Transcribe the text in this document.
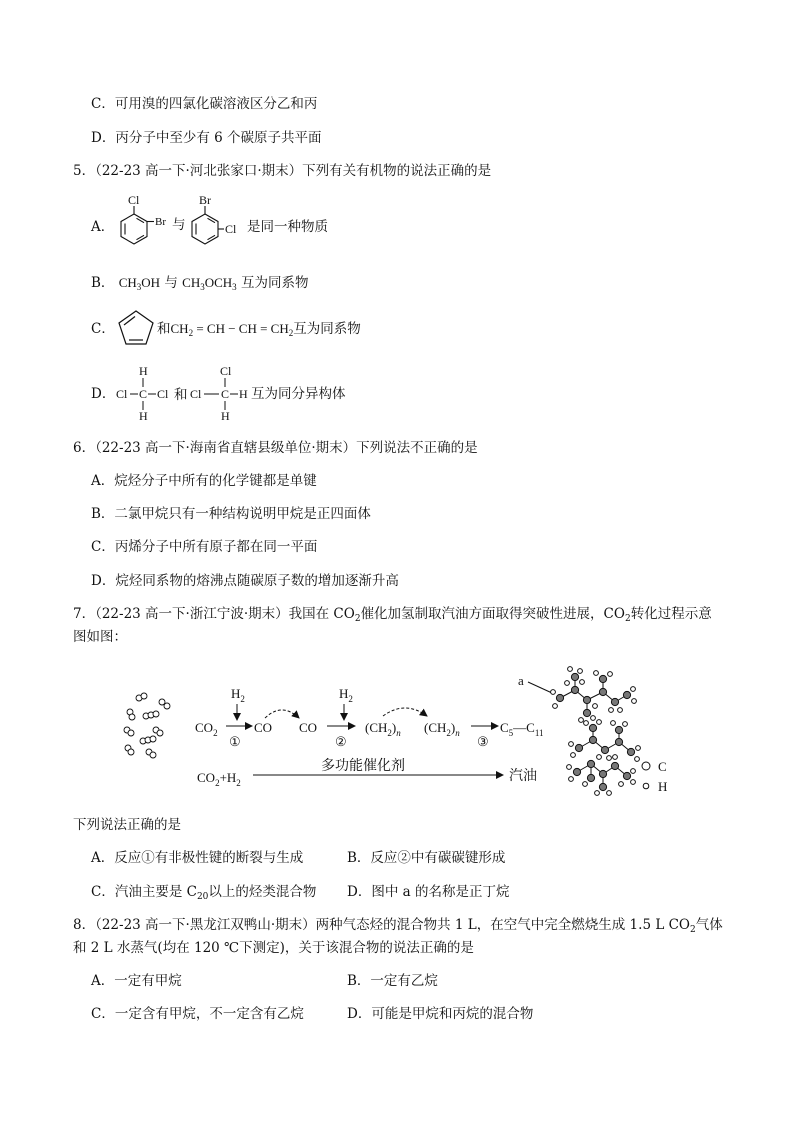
C．可用溴的四氯化碳溶液区分乙和丙
D．丙分子中至少有 6 个碳原子共平面
5．（22-23 高一下·河北张家口·期末）下列有关有机物的说法正确的是
A．
Cl
Br 与
Br
Cl 是同一种物质
B． $CH_3OH$ 与 $CH_3OCH_3$ 互为同系物
C．	和$CH_2$ = CH − CH = $CH_2$互为同系物
D．
H
Cl C Cl
H
和
Cl
Cl C H
H
互为同分异构体
6．（22-23 高一下·海南省直辖县级单位·期末）下列说法不正确的是
A．烷烃分子中所有的化学键都是单键
B．二氯甲烷只有一种结构说明甲烷是正四面体
C．丙烯分子中所有原子都在同一平面
D．烷烃同系物的熔沸点随碳原子数的增加逐渐升高
7．（22-23 高一下·浙江宁波·期末）我国在 $CO_2$催化加氢制取汽油方面取得突破性进展，$CO_2$转化过程示意
图如图：
$CO_2$
$H_2$
①
CO CO
$H_2$
②
$(CH_2)_n$ $(CH_2)_n$
③
$C_5—C_{11}$
$CO_2+H_2$
多功能催化剂
汽油
a
C
H
下列说法正确的是
A．反应①有非极性键的断裂与生成	B．反应②中有碳碳键形成
C．汽油主要是 $C_{20}$以上的烃类混合物 D．图中 a 的名称是正丁烷
8．（22-23 高一下·黑龙江双鸭山·期末）两种气态烃的混合物共 1 L，在空气中完全燃烧生成 1.5 L $CO_2$气体
和 2 L 水蒸气(均在 120 ℃下测定)，关于该混合物的说法正确的是
A．一定有甲烷	B．一定有乙烷
C．一定含有甲烷，不一定含有乙烷	D．可能是甲烷和丙烷的混合物
